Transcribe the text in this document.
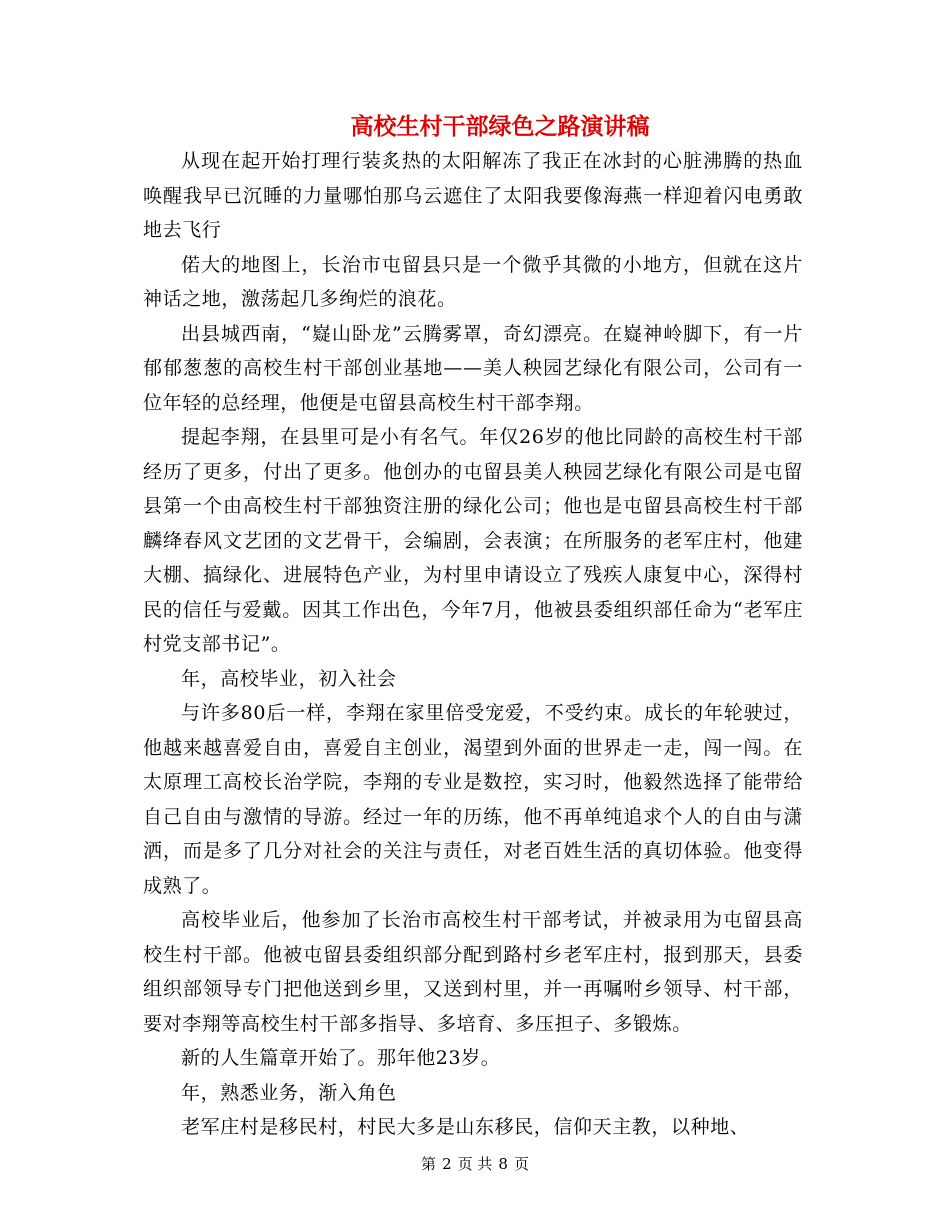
高校生村干部绿色之路演讲稿

从现在起开始打理行装炙热的太阳解冻了我正在冰封的心脏沸腾的热血唤醒我早已沉睡的力量哪怕那乌云遮住了太阳我要像海燕一样迎着闪电勇敢地去飞行

偌大的地图上，长治市屯留县只是一个微乎其微的小地方，但就在这片神话之地，激荡起几多绚烂的浪花。

出县城西南，“嶷山卧龙”云腾雾罩，奇幻漂亮。在嶷神岭脚下，有一片郁郁葱葱的高校生村干部创业基地——美人秧园艺绿化有限公司，公司有一位年轻的总经理，他便是屯留县高校生村干部李翔。

提起李翔，在县里可是小有名气。年仅26岁的他比同龄的高校生村干部经历了更多，付出了更多。他创办的屯留县美人秧园艺绿化有限公司是屯留县第一个由高校生村干部独资注册的绿化公司；他也是屯留县高校生村干部麟绛春风文艺团的文艺骨干，会编剧，会表演；在所服务的老军庄村，他建大棚、搞绿化、进展特色产业，为村里申请设立了残疾人康复中心，深得村民的信任与爱戴。因其工作出色，今年7月，他被县委组织部任命为“老军庄村党支部书记”。

年，高校毕业，初入社会

与许多80后一样，李翔在家里倍受宠爱，不受约束。成长的年轮驶过，他越来越喜爱自由，喜爱自主创业，渴望到外面的世界走一走，闯一闯。在太原理工高校长治学院，李翔的专业是数控，实习时，他毅然选择了能带给自己自由与激情的导游。经过一年的历练，他不再单纯追求个人的自由与潇洒，而是多了几分对社会的关注与责任，对老百姓生活的真切体验。他变得成熟了。

高校毕业后，他参加了长治市高校生村干部考试，并被录用为屯留县高校生村干部。他被屯留县委组织部分配到路村乡老军庄村，报到那天，县委组织部领导专门把他送到乡里，又送到村里，并一再嘱咐乡领导、村干部，要对李翔等高校生村干部多指导、多培育、多压担子、多锻炼。

新的人生篇章开始了。那年他23岁。

年，熟悉业务，渐入角色

老军庄村是移民村，村民大多是山东移民，信仰天主教，以种地、

第 2 页 共 8 页
